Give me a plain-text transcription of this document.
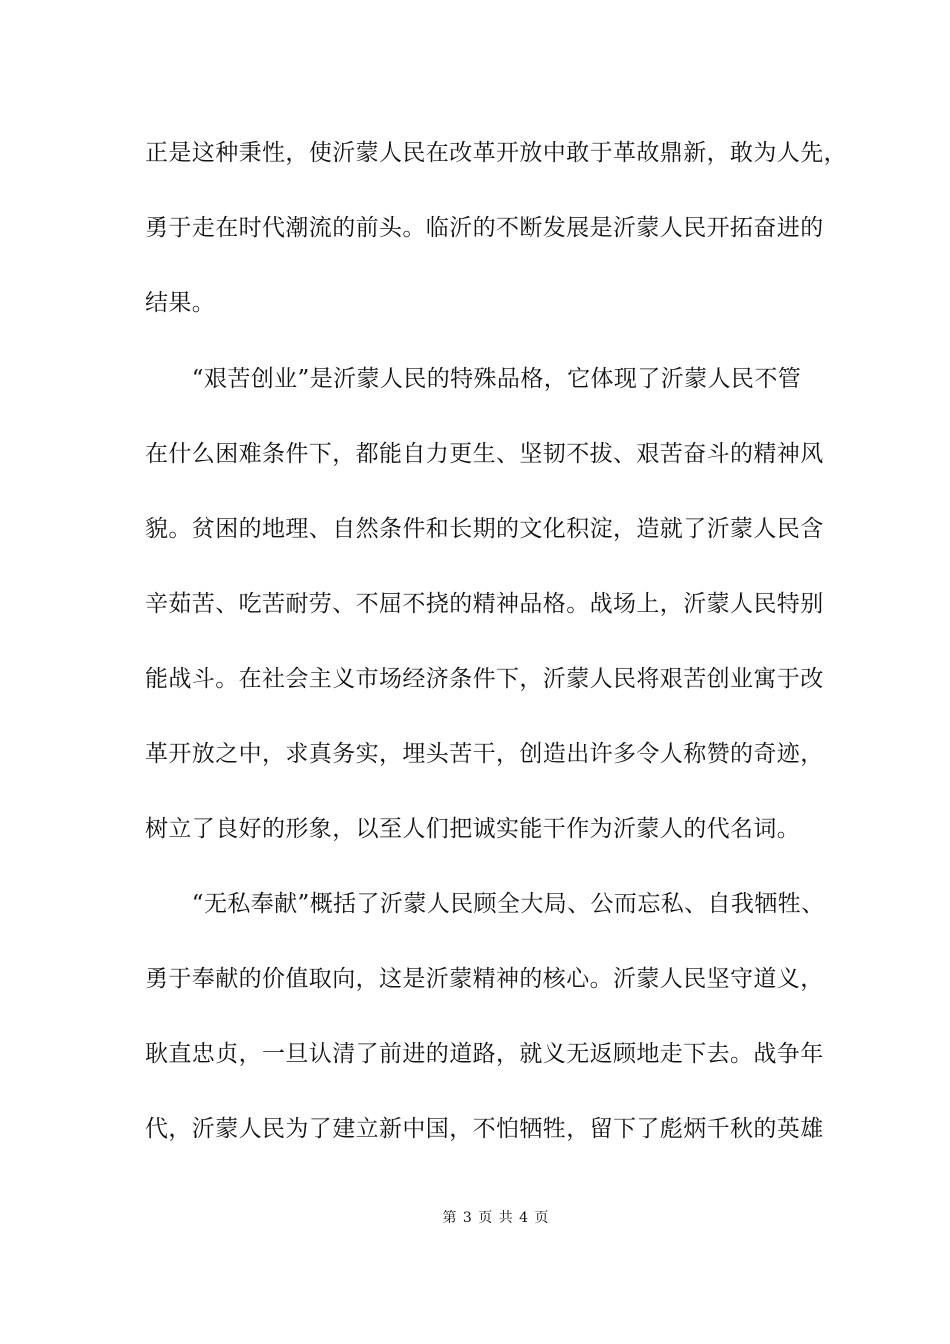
正是这种秉性，使沂蒙人民在改革开放中敢于革故鼎新，敢为人先，
勇于走在时代潮流的前头。临沂的不断发展是沂蒙人民开拓奋进的
结果。
　　“艰苦创业”是沂蒙人民的特殊品格，它体现了沂蒙人民不管
在什么困难条件下，都能自力更生、坚韧不拔、艰苦奋斗的精神风
貌。贫困的地理、自然条件和长期的文化积淀，造就了沂蒙人民含
辛茹苦、吃苦耐劳、不屈不挠的精神品格。战场上，沂蒙人民特别
能战斗。在社会主义市场经济条件下，沂蒙人民将艰苦创业寓于改
革开放之中，求真务实，埋头苦干，创造出许多令人称赞的奇迹，
树立了良好的形象，以至人们把诚实能干作为沂蒙人的代名词。
　　“无私奉献”概括了沂蒙人民顾全大局、公而忘私、自我牺牲、
勇于奉献的价值取向，这是沂蒙精神的核心。沂蒙人民坚守道义，
耿直忠贞，一旦认清了前进的道路，就义无返顾地走下去。战争年
代，沂蒙人民为了建立新中国，不怕牺牲，留下了彪炳千秋的英雄
第 3 页 共 4 页
